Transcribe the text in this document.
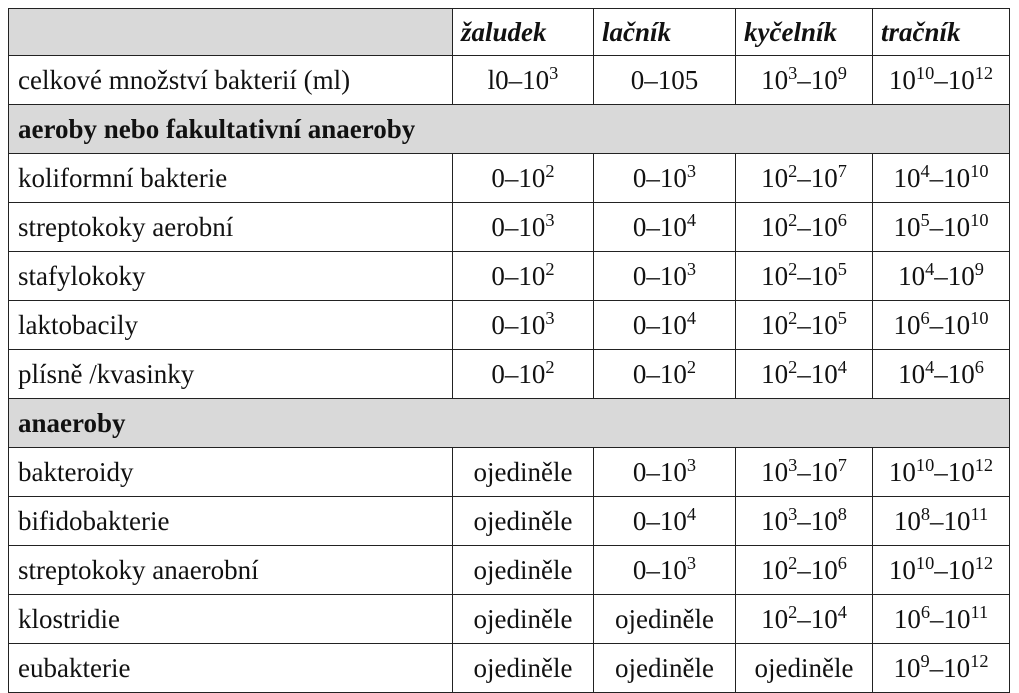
	žaludek	lačník	kyčelník	tračník
celkové množství bakterií (ml)	$l0-10^3$	0–105	$10^3-10^9$	$10^{10}-10^{12}$
aeroby nebo fakultativní anaeroby				
koliformní bakterie	$0-10^2$	$0-10^3$	$10^2-10^7$	$10^4-10^{10}$
streptokoky aerobní	$0-10^3$	$0-10^4$	$10^2-10^6$	$10^5-10^{10}$
stafylokoky	$0-10^2$	$0-10^3$	$10^2-10^5$	$10^4-10^9$
laktobacily	$0-10^3$	$0-10^4$	$10^2-10^5$	$10^6-10^{10}$
plísně /kvasinky	$0-10^2$	$0-10^2$	$10^2-10^4$	$10^4-10^6$
anaeroby				
bakteroidy	ojediněle	$0-10^3$	$10^3-10^7$	$10^{10}-10^{12}$
bifidobakterie	ojediněle	$0-10^4$	$10^3-10^8$	$10^8-10^{11}$
streptokoky anaerobní	ojediněle	$0-10^3$	$10^2-10^6$	$10^{10}-10^{12}$
klostridie	ojediněle	ojediněle	$10^2-10^4$	$10^6-10^{11}$
eubakterie	ojediněle	ojediněle	ojediněle	$10^9-10^{12}$
